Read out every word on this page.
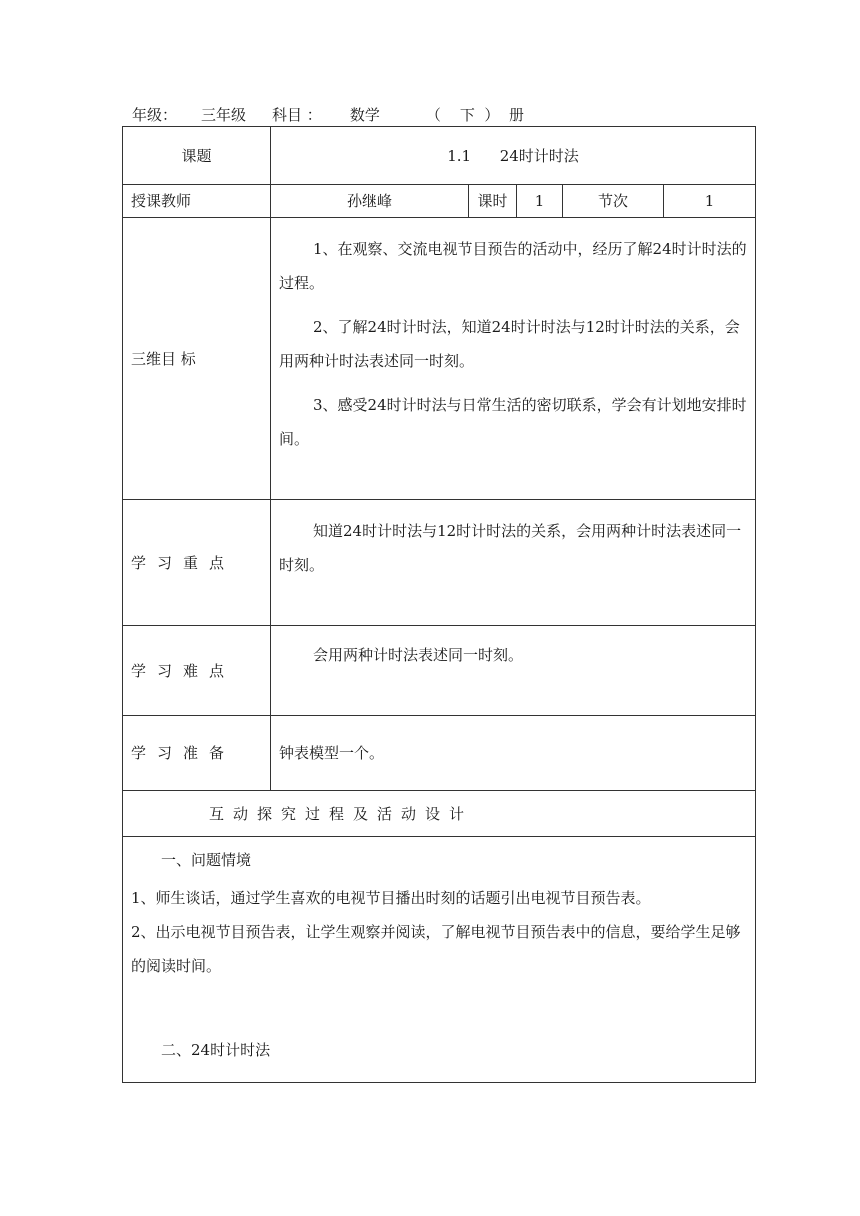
年级： 三年级 科目 ： 数学	（    下  ）  册
课题	1.1      24时计时法				
授课教师	孙继峰	课时	1	节次	1
三维目 标	1、在观察、交流电视节目预告的活动中，经历了解24时计时法的过程。

2、了解24时计时法，知道24时计时法与12时计时法的关系，会用两种计时法表述同一时刻。

3、感受24时计时法与日常生活的密切联系，学会有计划地安排时间。				

学习重点	知道24时计时法与12时计时法的关系，会用两种计时法表述同一时刻。				

学习难点	会用两种计时法表述同一时刻。				

学习准备	钟表模型一个。				
互动探究过程及活动设计					

一、问题情境

1、师生谈话，通过学生喜欢的电视节目播出时刻的话题引出电视节目预告表。

2、出示电视节目预告表，让学生观察并阅读，了解电视节目预告表中的信息，要给学生足够的阅读时间。

二、24时计时法					
